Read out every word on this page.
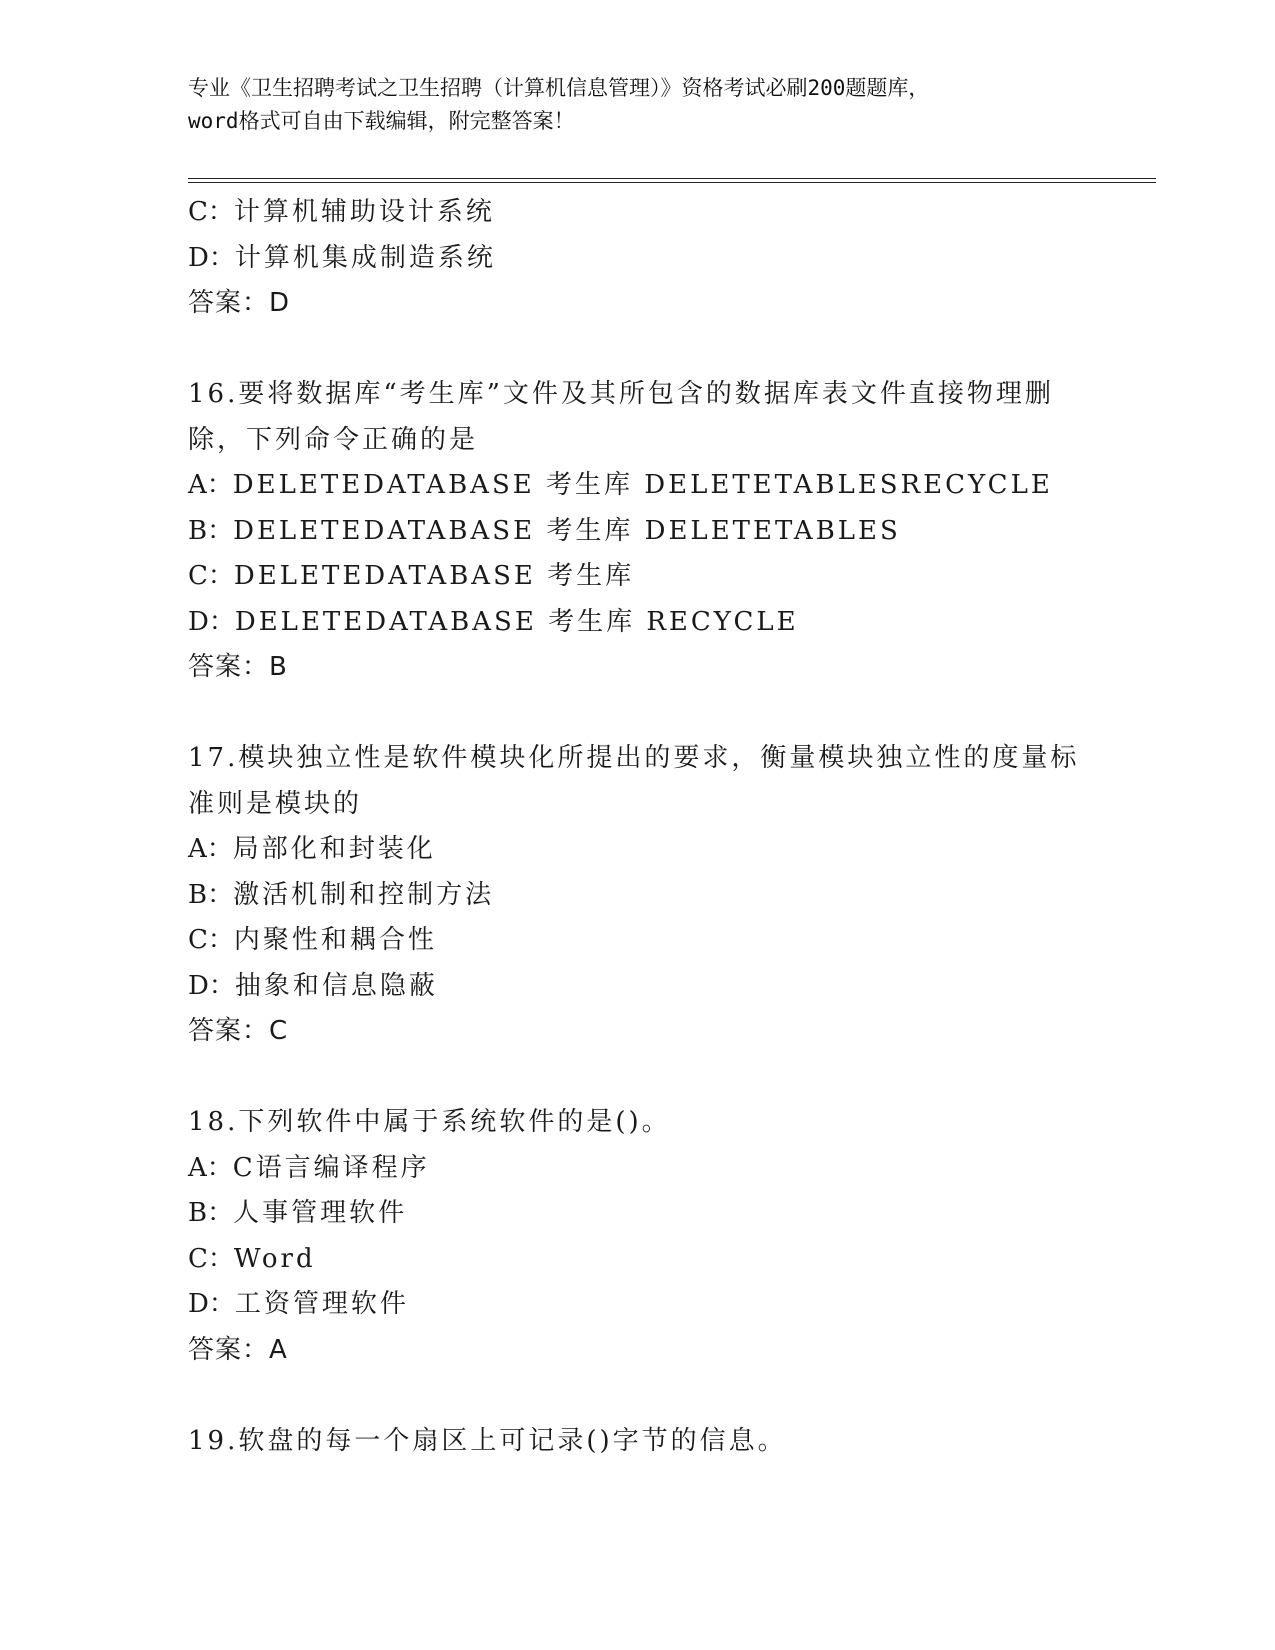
专业《卫生招聘考试之卫生招聘（计算机信息管理）》资格考试必刷200题题库，
word格式可自由下载编辑，附完整答案！
C：计算机辅助设计系统
D：计算机集成制造系统
答案：D
16.要将数据库“考生库”文件及其所包含的数据库表文件直接物理删
除，下列命令正确的是
A：DELETEDATABASE 考生库 DELETETABLESRECYCLE
B：DELETEDATABASE 考生库 DELETETABLES
C：DELETEDATABASE 考生库
D：DELETEDATABASE 考生库 RECYCLE
答案：B
17.模块独立性是软件模块化所提出的要求，衡量模块独立性的度量标
准则是模块的
A：局部化和封装化
B：激活机制和控制方法
C：内聚性和耦合性
D：抽象和信息隐蔽
答案：C
18.下列软件中属于系统软件的是()。
A：C语言编译程序
B：人事管理软件
C：Word
D：工资管理软件
答案：A
19.软盘的每一个扇区上可记录()字节的信息。
